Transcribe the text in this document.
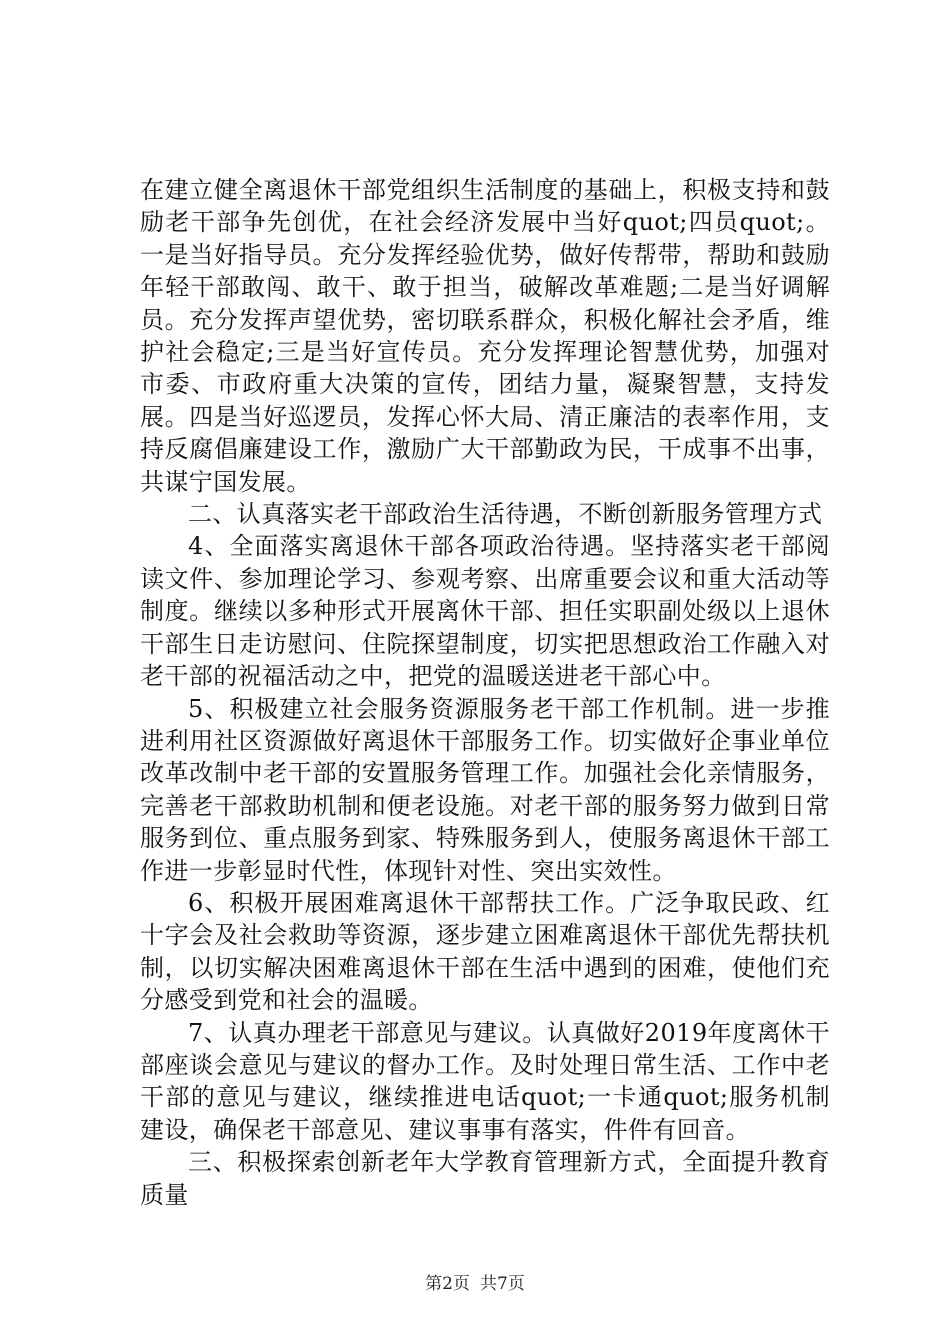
在建立健全离退休干部党组织生活制度的基础上，积极支持和鼓励老干部争先创优，在社会经济发展中当好quot;四员quot;。一是当好指导员。充分发挥经验优势，做好传帮带，帮助和鼓励年轻干部敢闯、敢干、敢于担当，破解改革难题;二是当好调解员。充分发挥声望优势，密切联系群众，积极化解社会矛盾，维护社会稳定;三是当好宣传员。充分发挥理论智慧优势，加强对市委、市政府重大决策的宣传，团结力量，凝聚智慧，支持发展。四是当好巡逻员，发挥心怀大局、清正廉洁的表率作用，支持反腐倡廉建设工作，激励广大干部勤政为民，干成事不出事，共谋宁国发展。

二、认真落实老干部政治生活待遇，不断创新服务管理方式

4、全面落实离退休干部各项政治待遇。坚持落实老干部阅读文件、参加理论学习、参观考察、出席重要会议和重大活动等制度。继续以多种形式开展离休干部、担任实职副处级以上退休干部生日走访慰问、住院探望制度，切实把思想政治工作融入对老干部的祝福活动之中，把党的温暖送进老干部心中。

5、积极建立社会服务资源服务老干部工作机制。进一步推进利用社区资源做好离退休干部服务工作。切实做好企事业单位改革改制中老干部的安置服务管理工作。加强社会化亲情服务，完善老干部救助机制和便老设施。对老干部的服务努力做到日常服务到位、重点服务到家、特殊服务到人，使服务离退休干部工作进一步彰显时代性，体现针对性、突出实效性。

6、积极开展困难离退休干部帮扶工作。广泛争取民政、红十字会及社会救助等资源，逐步建立困难离退休干部优先帮扶机制，以切实解决困难离退休干部在生活中遇到的困难，使他们充分感受到党和社会的温暖。

7、认真办理老干部意见与建议。认真做好2019年度离休干部座谈会意见与建议的督办工作。及时处理日常生活、工作中老干部的意见与建议，继续推进电话quot;一卡通quot;服务机制建设，确保老干部意见、建议事事有落实，件件有回音。

三、积极探索创新老年大学教育管理新方式，全面提升教育质量

第2页 共7页
